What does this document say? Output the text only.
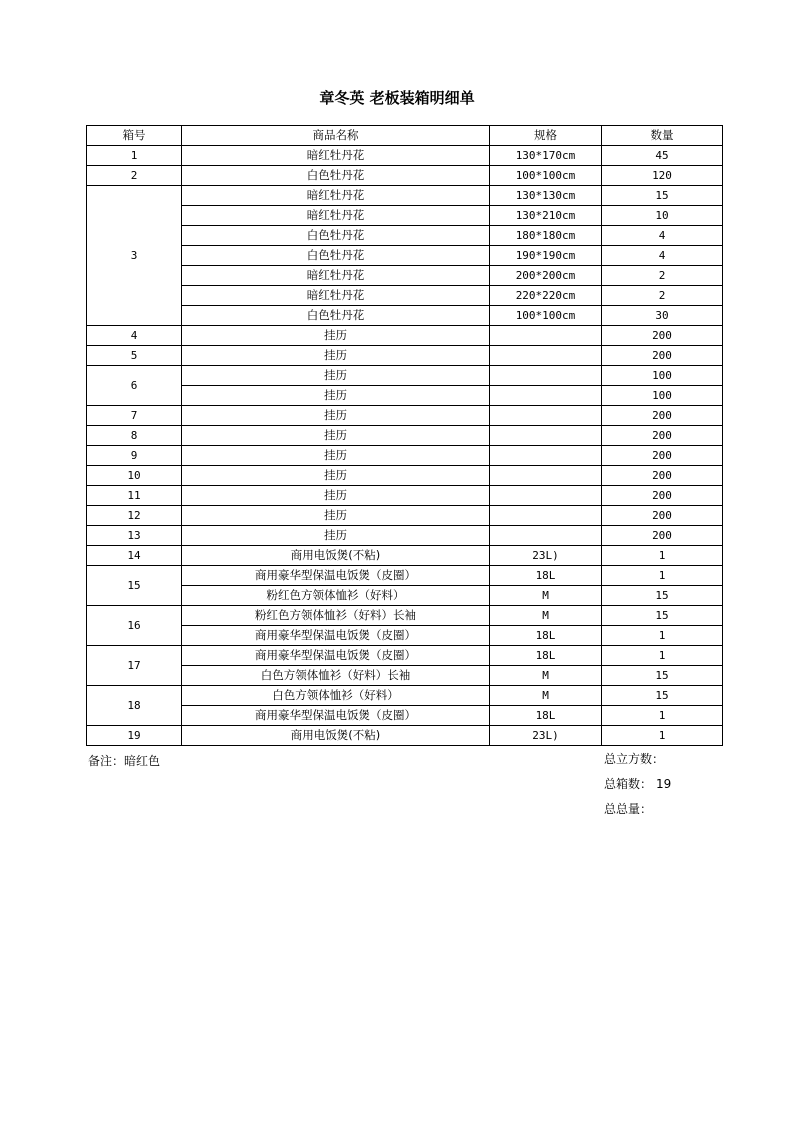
章冬英 老板装箱明细单
箱号	商品名称	规格	数量
1	暗红牡丹花	130*170cm	45
2	白色牡丹花	100*100cm	120
3	暗红牡丹花	130*130cm	15
	暗红牡丹花	130*210cm	10
	白色牡丹花	180*180cm	4
	白色牡丹花	190*190cm	4
	暗红牡丹花	200*200cm	2
	暗红牡丹花	220*220cm	2
	白色牡丹花	100*100cm	30
4	挂历		200
5	挂历		200
6	挂历		100
	挂历		100
7	挂历		200
8	挂历		200
9	挂历		200
10	挂历		200
11	挂历		200
12	挂历		200
13	挂历		200
14	商用电饭煲(不粘)	23L)	1
15	商用豪华型保温电饭煲（皮圈）	18L	1
	粉红色方领体恤衫（好料）	M	15
16	粉红色方领体恤衫（好料）长袖	M	15
	商用豪华型保温电饭煲（皮圈）	18L	1
17	商用豪华型保温电饭煲（皮圈）	18L	1
	白色方领体恤衫（好料）长袖	M	15
18	白色方领体恤衫（好料）	M	15
	商用豪华型保温电饭煲（皮圈）	18L	1
19	商用电饭煲(不粘)	23L)	1
备注：暗红色	总立方数：
总箱数： 19
总总量：
